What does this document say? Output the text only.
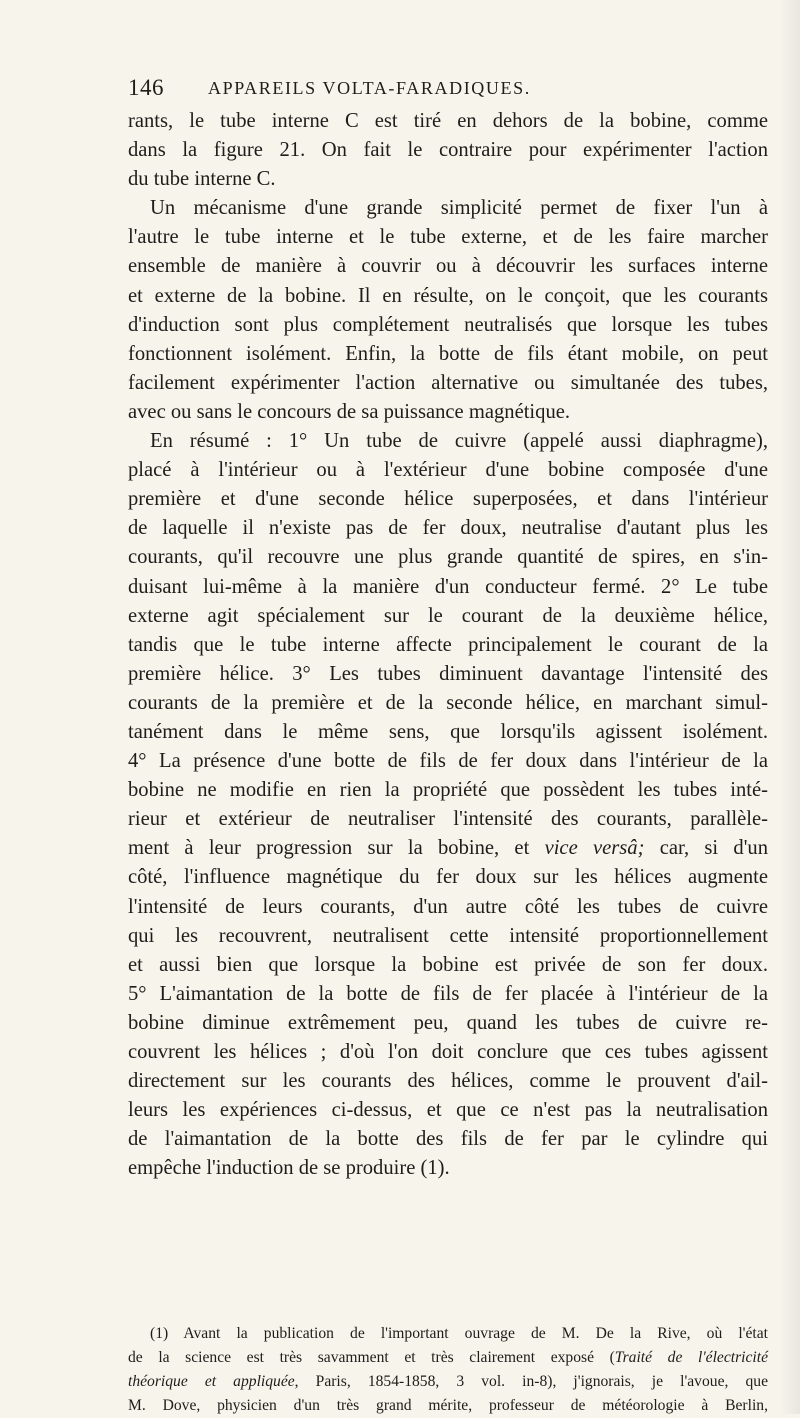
146 APPAREILS VOLTA-FARADIQUES.
rants, le tube interne C est tiré en dehors de la bobine, comme
dans la figure 21. On fait le contraire pour expérimenter l'action
du tube interne C.
Un mécanisme d'une grande simplicité permet de fixer l'un à
l'autre le tube interne et le tube externe, et de les faire marcher
ensemble de manière à couvrir ou à découvrir les surfaces interne
et externe de la bobine. Il en résulte, on le conçoit, que les courants
d'induction sont plus complétement neutralisés que lorsque les tubes
fonctionnent isolément. Enfin, la botte de fils étant mobile, on peut
facilement expérimenter l'action alternative ou simultanée des tubes,
avec ou sans le concours de sa puissance magnétique.
En résumé : 1° Un tube de cuivre (appelé aussi diaphragme),
placé à l'intérieur ou à l'extérieur d'une bobine composée d'une
première et d'une seconde hélice superposées, et dans l'intérieur
de laquelle il n'existe pas de fer doux, neutralise d'autant plus les
courants, qu'il recouvre une plus grande quantité de spires, en s'in-
duisant lui-même à la manière d'un conducteur fermé. 2° Le tube
externe agit spécialement sur le courant de la deuxième hélice,
tandis que le tube interne affecte principalement le courant de la
première hélice. 3° Les tubes diminuent davantage l'intensité des
courants de la première et de la seconde hélice, en marchant simul-
tanément dans le même sens, que lorsqu'ils agissent isolément.
4° La présence d'une botte de fils de fer doux dans l'intérieur de la
bobine ne modifie en rien la propriété que possèdent les tubes inté-
rieur et extérieur de neutraliser l'intensité des courants, parallèle-
ment à leur progression sur la bobine, et vice versâ; car, si d'un
côté, l'influence magnétique du fer doux sur les hélices augmente
l'intensité de leurs courants, d'un autre côté les tubes de cuivre
qui les recouvrent, neutralisent cette intensité proportionnellement
et aussi bien que lorsque la bobine est privée de son fer doux.
5° L'aimantation de la botte de fils de fer placée à l'intérieur de la
bobine diminue extrêmement peu, quand les tubes de cuivre re-
couvrent les hélices ; d'où l'on doit conclure que ces tubes agissent
directement sur les courants des hélices, comme le prouvent d'ail-
leurs les expériences ci-dessus, et que ce n'est pas la neutralisation
de l'aimantation de la botte des fils de fer par le cylindre qui
empêche l'induction de se produire (1).
(1) Avant la publication de l'important ouvrage de M. De la Rive, où l'état
de la science est très savamment et très clairement exposé (Traité de l'électricité
théorique et appliquée, Paris, 1854-1858, 3 vol. in-8), j'ignorais, je l'avoue, que
M. Dove, physicien d'un très grand mérite, professeur de météorologie à Berlin,
